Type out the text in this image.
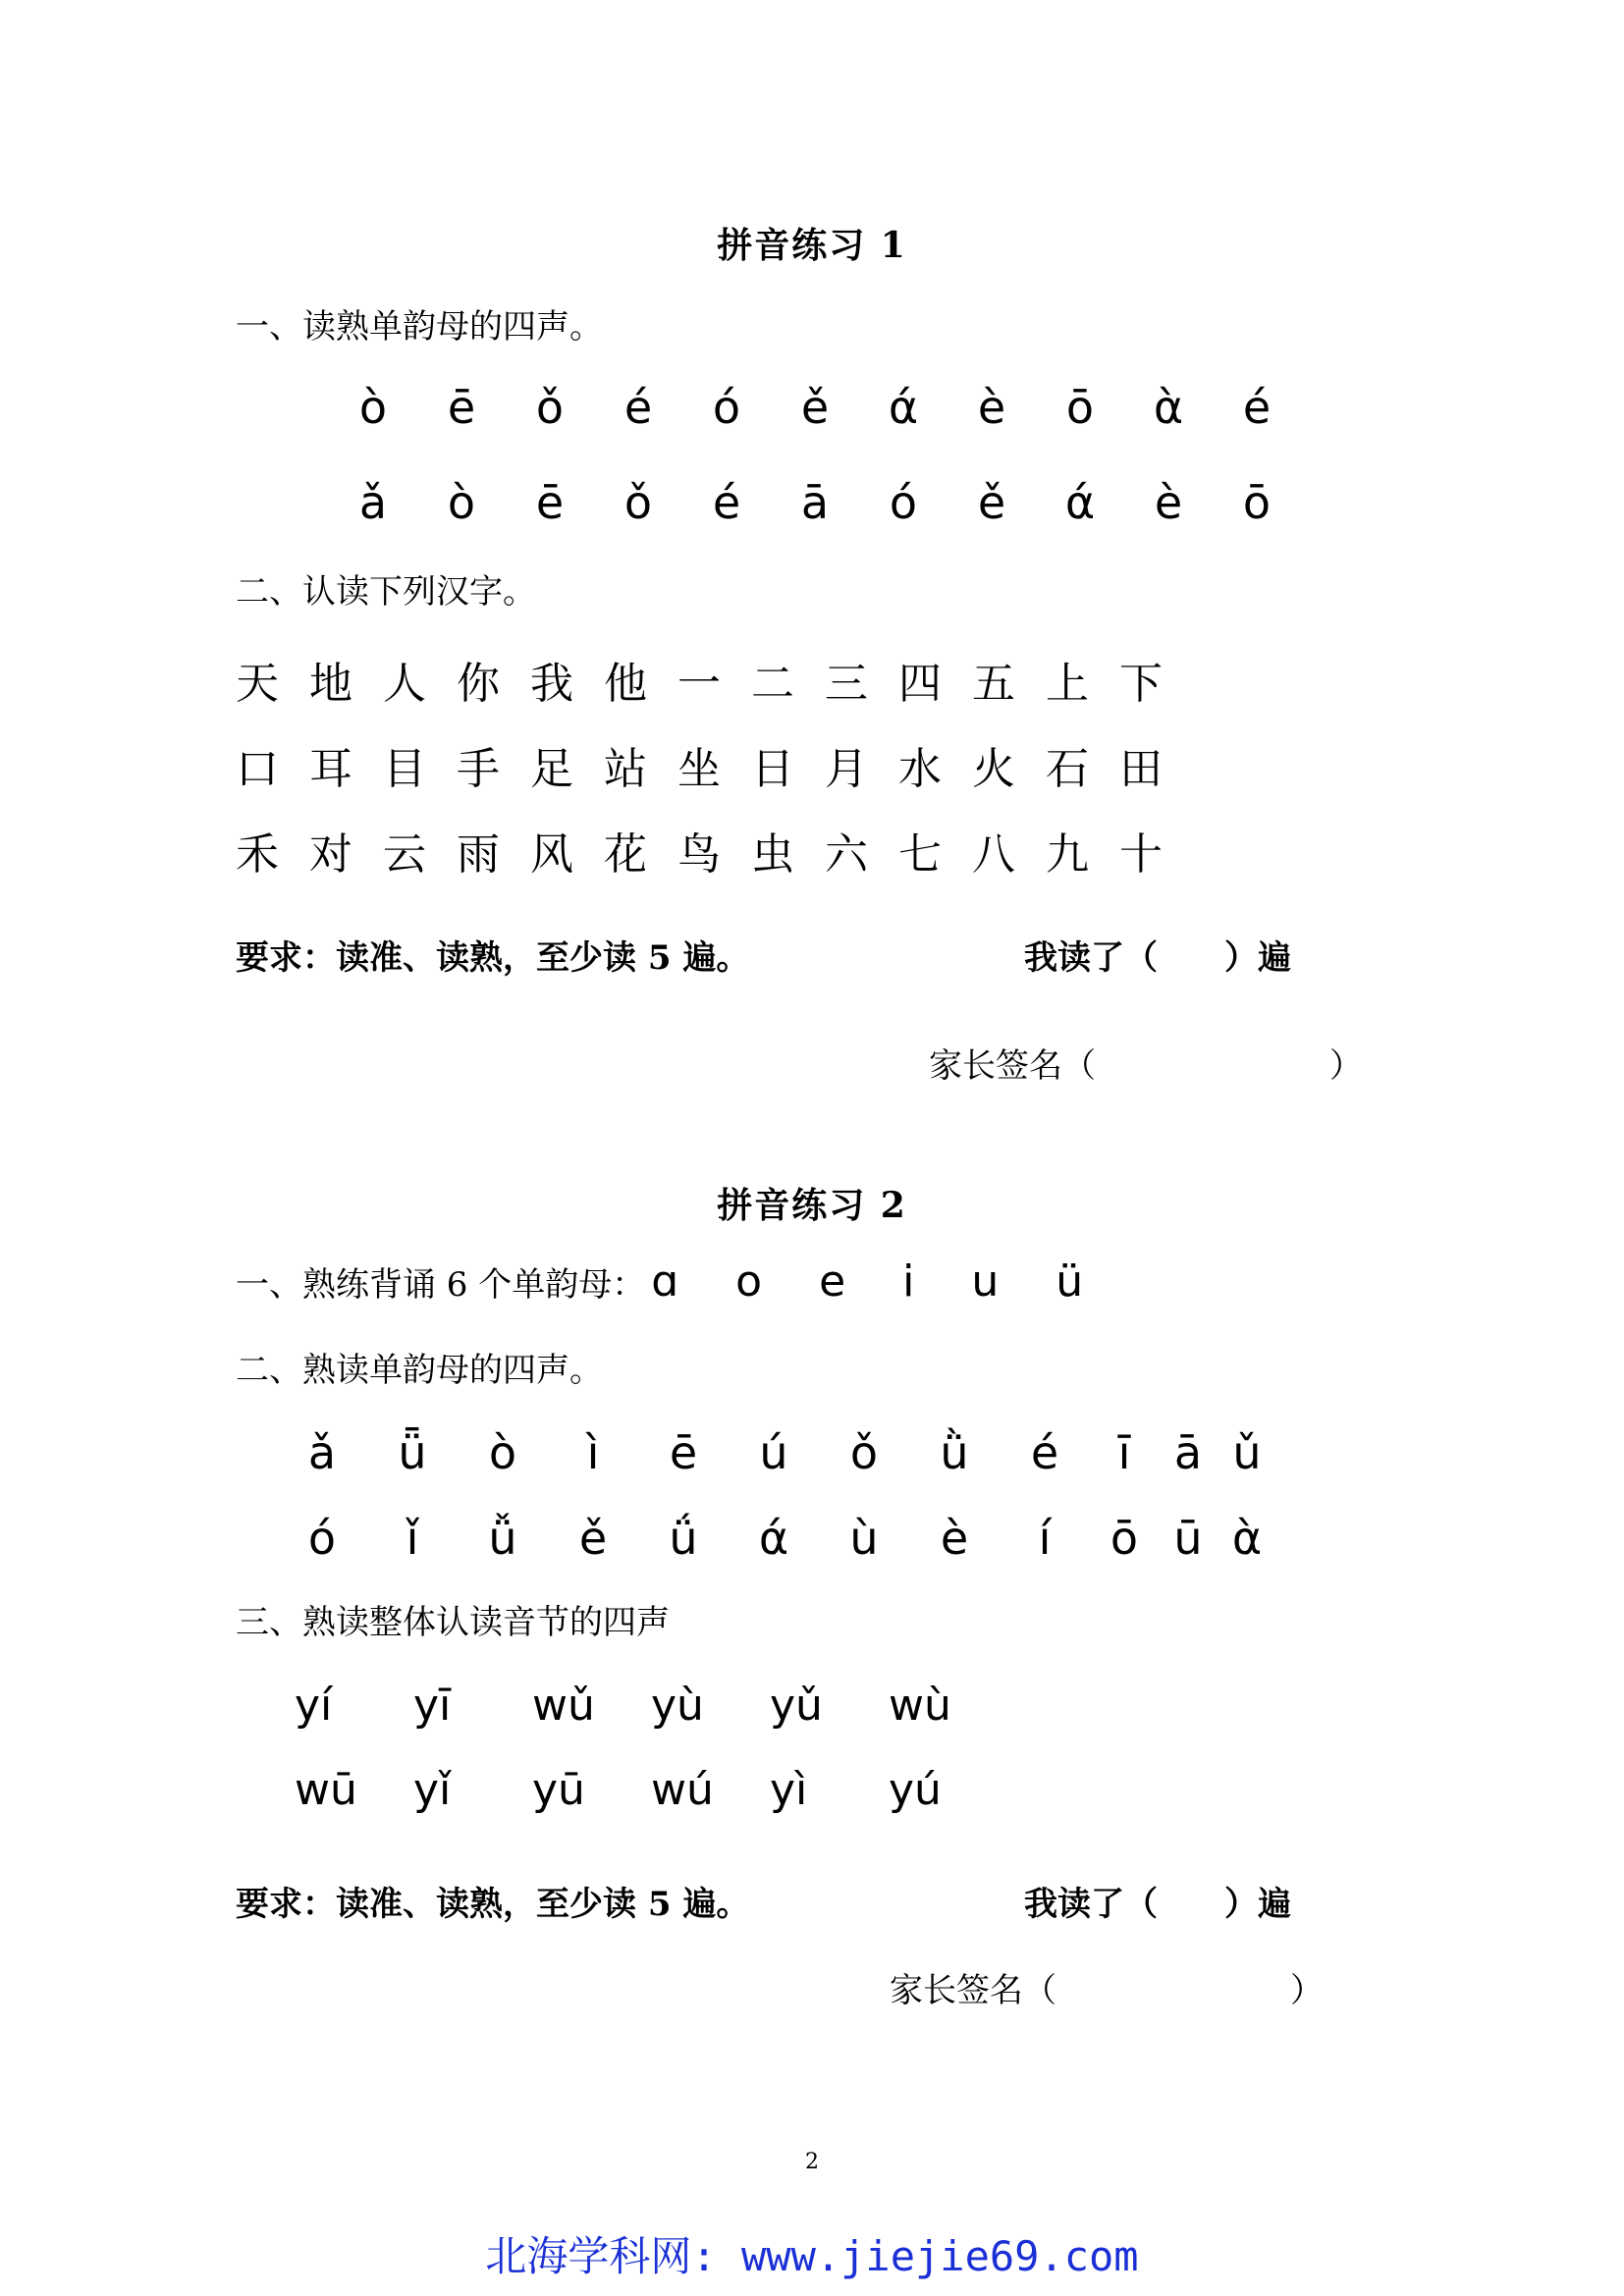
拼音练习 1
一、读熟单韵母的四声。
ò	ē	ǒ	é	ó	ě	ά	è	ō	ὰ	é
ǎ	ò	ē	ǒ	é	ā	ó	ě	ά	è	ō
二、认读下列汉字。
天 地 人 你 我 他 一 二 三 四 五 上 下
口 耳 目 手 足 站 坐 日 月 水 火 石 田
禾 对 云 雨 风 花 鸟 虫 六 七 八 九 十
要求：读准、读熟，至少读 5 遍。	我读了（　　）遍
家长签名（　　　　　　　）
拼音练习 2
一、熟练背诵 6 个单韵母： ɑ o e i u ü
二、熟读单韵母的四声。
ǎ	ǖ	ò	ì	ē	ú	ǒ	ǜ	é	ī ā ǔ
ó	ǐ	ǚ	ě	ǘ	ά	ù	è	í	ō ū ὰ
三、熟读整体认读音节的四声
yí	yī	wǔ	yù	yǔ	wù
wū	yǐ	yū	wú	yì	yú
要求：读准、读熟，至少读 5 遍。	我读了（　　）遍
家长签名（　　　　　　　）
2
北海学科网: www.jiejie69.com
